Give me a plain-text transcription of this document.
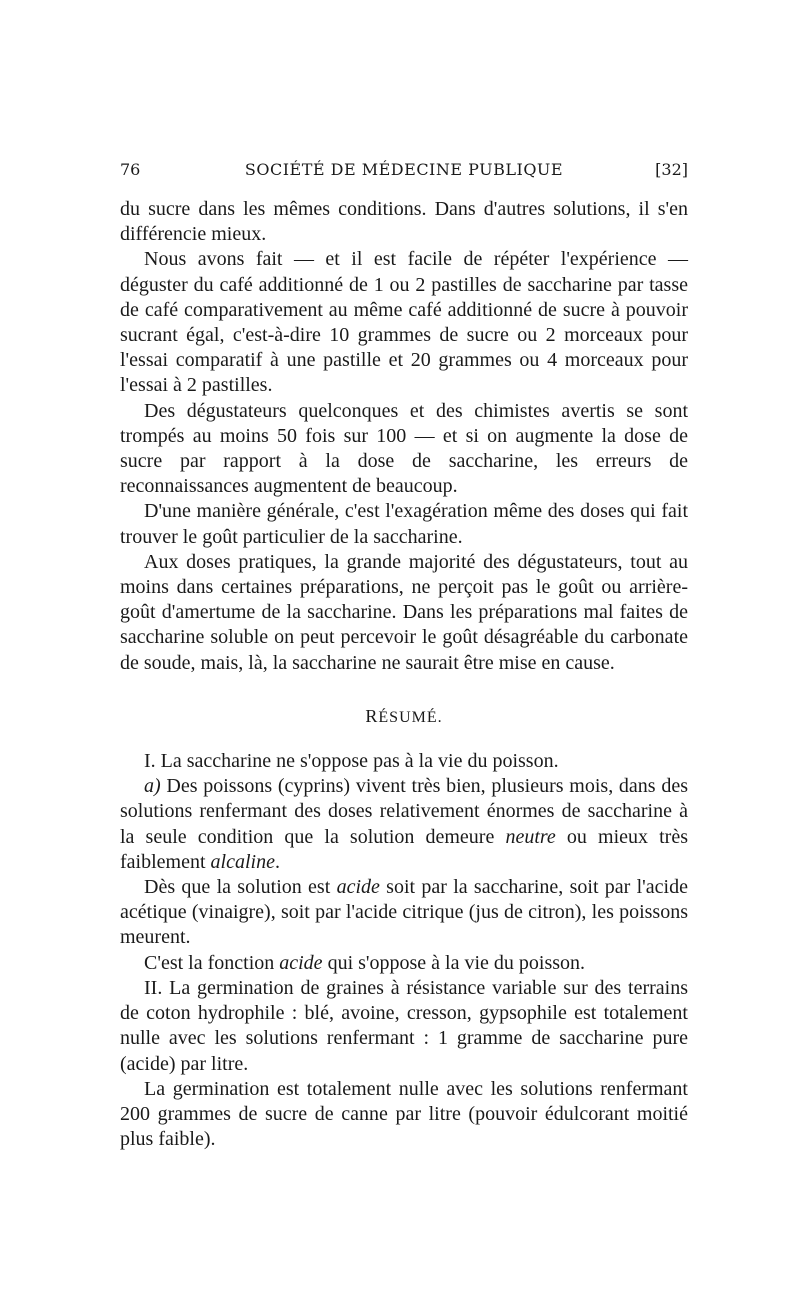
76	SOCIÉTÉ DE MÉDECINE PUBLIQUE	[32]

du sucre dans les mêmes conditions. Dans d'autres solutions, il s'en différencie mieux.

Nous avons fait — et il est facile de répéter l'expérience — déguster du café additionné de 1 ou 2 pastilles de saccharine par tasse de café comparativement au même café additionné de sucre à pouvoir sucrant égal, c'est-à-dire 10 grammes de sucre ou 2 morceaux pour l'essai comparatif à une pastille et 20 grammes ou 4 morceaux pour l'essai à 2 pastilles.

Des dégustateurs quelconques et des chimistes avertis se sont trompés au moins 50 fois sur 100 — et si on augmente la dose de sucre par rapport à la dose de saccharine, les erreurs de reconnaissances augmentent de beaucoup.

D'une manière générale, c'est l'exagération même des doses qui fait trouver le goût particulier de la saccharine.

Aux doses pratiques, la grande majorité des dégustateurs, tout au moins dans certaines préparations, ne perçoit pas le goût ou arrière-goût d'amertume de la saccharine. Dans les préparations mal faites de saccharine soluble on peut percevoir le goût désagréable du carbonate de soude, mais, là, la saccharine ne saurait être mise en cause.

RÉSUMÉ.

I. La saccharine ne s'oppose pas à la vie du poisson.

a) Des poissons (cyprins) vivent très bien, plusieurs mois, dans des solutions renfermant des doses relativement énormes de saccharine à la seule condition que la solution demeure neutre ou mieux très faiblement alcaline.

Dès que la solution est acide soit par la saccharine, soit par l'acide acétique (vinaigre), soit par l'acide citrique (jus de citron), les poissons meurent.

C'est la fonction acide qui s'oppose à la vie du poisson.

II. La germination de graines à résistance variable sur des terrains de coton hydrophile : blé, avoine, cresson, gypsophile est totalement nulle avec les solutions renfermant : 1 gramme de saccharine pure (acide) par litre.

La germination est totalement nulle avec les solutions renfermant 200 grammes de sucre de canne par litre (pouvoir édulcorant moitié plus faible).
